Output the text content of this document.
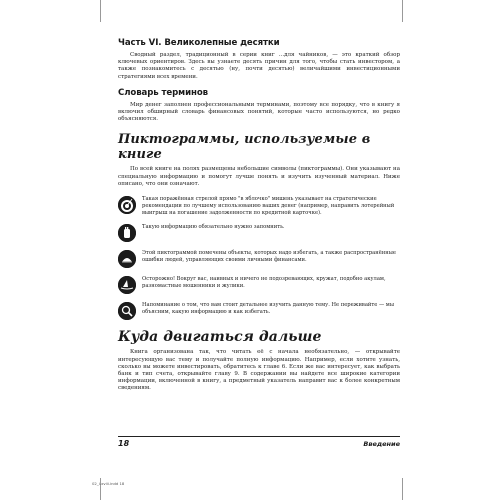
Часть VI. Великолепные десятки

Сводный раздел, традиционный в серии книг ...для чайников, — это краткий обзор ключевых ориентиров. Здесь вы узнаете десять причин для того, чтобы стать инвестором, а также познакомитесь с десятью (ну, почти десятью) величайшими инвестиционными стратегиями всех времени.

Словарь терминов

Мир денег заполнен профессиональными терминами, поэтому все порядку, что в книгу я включил обширный словарь финансовых понятий, которые часто используются, но редко объясняются.

Пиктограммы, используемые в книге

По всей книге на полях размещены небольшие символы (пиктограммы). Они указывают на специальную информацию и помогут лучше понять и изучить изученный материал. Ниже описано, что они означают.

Такая поражённая стрелой прямо "в яблочко" мишень указывает на стратегические рекомендации по лучшему использованию ваших денег (например, направить лотерейный выигрыш на погашение задолженности по кредитной карточке).
Такую информацию обязательно нужно запомнить.
Этой пиктограммой помечены объекты, которых надо избегать, а также распространённые ошибки людей, управляющих своими личными финансами.
Осторожно! Вокруг вас, наивных и ничего не подозревающих, кружат, подобно акулам, разномастные мошенники и жулики.
Напоминание о том, что вам стоит детальнее изучить данную тему. Не переживайте — мы объясним, какую информацию и как избегать.
Куда двигаться дальше

Книга организована так, что читать её с начала необязательно, — открывайте интересующую вас тему и получайте полную информацию. Например, если хотите узнать, сколько вы можете инвестировать, обратитесь к главе 6. Если же вас интересует, как выбрать банк и тип счета, открывайте главу 9. В содержании вы найдете все широкие категории информации, включенной в книгу, а предметный указатель направит вас к более конкретным сведениям.

18	Введение
02_i-xviii.indd 18
